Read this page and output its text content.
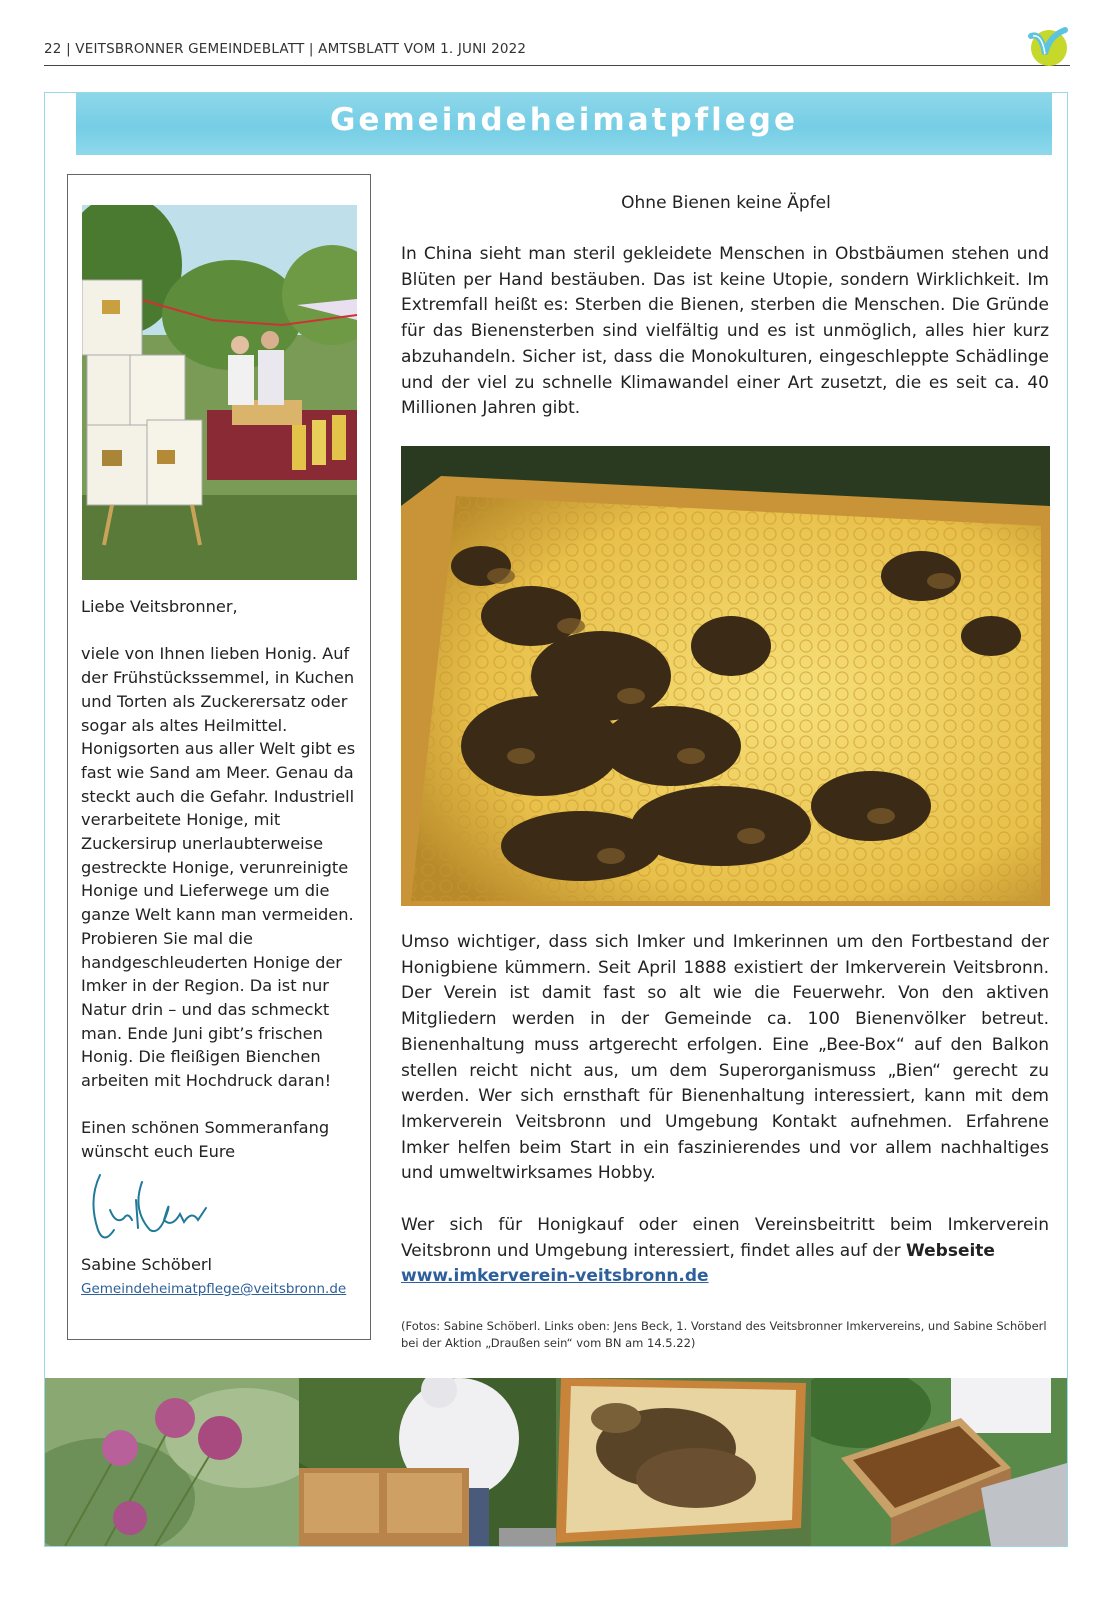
22 | VEITSBRONNER GEMEINDEBLATT | AMTSBLATT VOM 1. JUNI 2022
Gemeindeheimatpflege

Liebe Veitsbronner,

viele von Ihnen lieben Honig. Auf der Frühstückssemmel, in Kuchen und Torten als Zuckerersatz oder sogar als altes Heilmittel. Honigsorten aus aller Welt gibt es fast wie Sand am Meer. Genau da steckt auch die Gefahr. Industriell verarbeitete Honige, mit Zuckersirup unerlaubterweise gestreckte Honige, verunreinigte Honige und Lieferwege um die ganze Welt kann man vermeiden. Probieren Sie mal die handgeschleuderten Honige der Imker in der Region. Da ist nur Natur drin – und das schmeckt man. Ende Juni gibt’s frischen Honig. Die fleißigen Bienchen arbeiten mit Hochdruck daran!

Einen schönen Sommeranfang

wünscht euch Eure

Sabine Schöberl
Gemeindeheimatpflege@veitsbronn.de
Ohne Bienen keine Äpfel
In China sieht man steril gekleidete Menschen in Obstbäumen stehen und Blüten per Hand bestäuben. Das ist keine Utopie, sondern Wirklichkeit. Im Extremfall heißt es: Sterben die Bienen, sterben die Menschen. Die Gründe für das Bienensterben sind vielfältig und es ist unmöglich, alles hier kurz abzuhandeln. Sicher ist, dass die Monokulturen, eingeschleppte Schädlinge und der viel zu schnelle Klimawandel einer Art zusetzt, die es seit ca. 40 Millionen Jahren gibt.
Umso wichtiger, dass sich Imker und Imkerinnen um den Fortbestand der Honigbiene kümmern. Seit April 1888 existiert der Imkerverein Veitsbronn. Der Verein ist damit fast so alt wie die Feuerwehr. Von den aktiven Mitgliedern werden in der Gemeinde ca. 100 Bienenvölker betreut. Bienenhaltung muss artgerecht erfolgen. Eine „Bee-Box“ auf den Balkon stellen reicht nicht aus, um dem Superorganismuss „Bien“ gerecht zu werden. Wer sich ernsthaft für Bienenhaltung interessiert, kann mit dem Imkerverein Veitsbronn und Umgebung Kontakt aufnehmen. Erfahrene Imker helfen beim Start in ein faszinierendes und vor allem nachhaltiges und umweltwirksames Hobby.
Wer sich für Honigkauf oder einen Vereinsbeitritt beim Imkerverein Veitsbronn und Umgebung interessiert, findet alles auf der Webseite
www.imkerverein-veitsbronn.de
(Fotos: Sabine Schöberl. Links oben: Jens Beck, 1. Vorstand des Veitsbronner Imkervereins, und Sabine Schöberl bei der Aktion „Draußen sein“ vom BN am 14.5.22)
